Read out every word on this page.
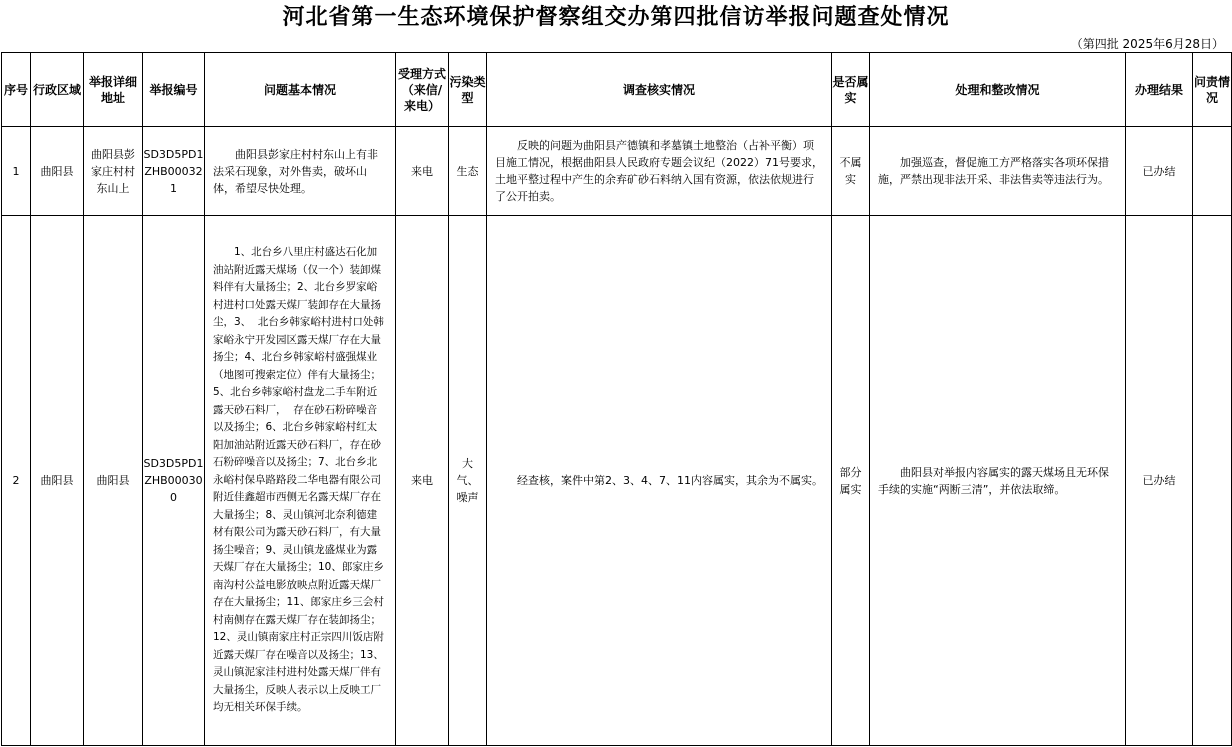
河北省第一生态环境保护督察组交办第四批信访举报问题查处情况
（第四批 2025年6月28日）
序号	行政区域	举报详细地址	举报编号	问题基本情况	受理方式（来信/来电）	污染类型	调查核实情况	是否属实	处理和整改情况	办理结果	问责情况
1	曲阳县	曲阳县彭家庄村村东山上	SD3D5PD1ZHB000321	曲阳县彭家庄村村东山上有非法采石现象，对外售卖，破坏山体，希望尽快处理。	来电	生态	反映的问题为曲阳县产德镇和孝墓镇土地整治（占补平衡）项目施工情况，根据曲阳县人民政府专题会议纪（2022）71号要求，土地平整过程中产生的余弃矿砂石料纳入国有资源，依法依规进行了公开拍卖。	不属实	加强巡查，督促施工方严格落实各项环保措施，严禁出现非法开采、非法售卖等违法行为。	已办结	
2	曲阳县	曲阳县	SD3D5PD1ZHB000300	1、北台乡八里庄村盛达石化加油站附近露天煤场（仅一个）装卸煤料伴有大量扬尘；2、北台乡罗家峪村进村口处露天煤厂装卸存在大量扬尘，3、  北台乡韩家峪村进村口处韩家峪永宁开发园区露天煤厂存在大量扬尘；4、北台乡韩家峪村盛强煤业（地图可搜索定位）伴有大量扬尘；5、北台乡韩家峪村盘龙二手车附近露天砂石料厂，  存在砂石粉碎噪音以及扬尘；6、北台乡韩家峪村红太阳加油站附近露天砂石料厂，存在砂石粉碎噪音以及扬尘；7、北台乡北永峪村保阜路路段二华电器有限公司附近佳鑫超市西侧无名露天煤厂存在大量扬尘；8、灵山镇河北奈利德建材有限公司为露天砂石料厂，有大量扬尘噪音；9、灵山镇龙盛煤业为露天煤厂存在大量扬尘；10、郎家庄乡南沟村公益电影放映点附近露天煤厂存在大量扬尘；11、郎家庄乡三会村村南侧存在露天煤厂存在装卸扬尘；12、灵山镇南家庄村正宗四川饭店附近露天煤厂存在噪音以及扬尘；13、灵山镇泥家洼村进村处露天煤厂伴有大量扬尘，反映人表示以上反映工厂均无相关环保手续。	来电	大气、噪声	经查核，案件中第2、3、4、7、11内容属实，其余为不属实。	部分属实	曲阳县对举报内容属实的露天煤场且无环保手续的实施“两断三清”，并依法取缔。	已办结	
